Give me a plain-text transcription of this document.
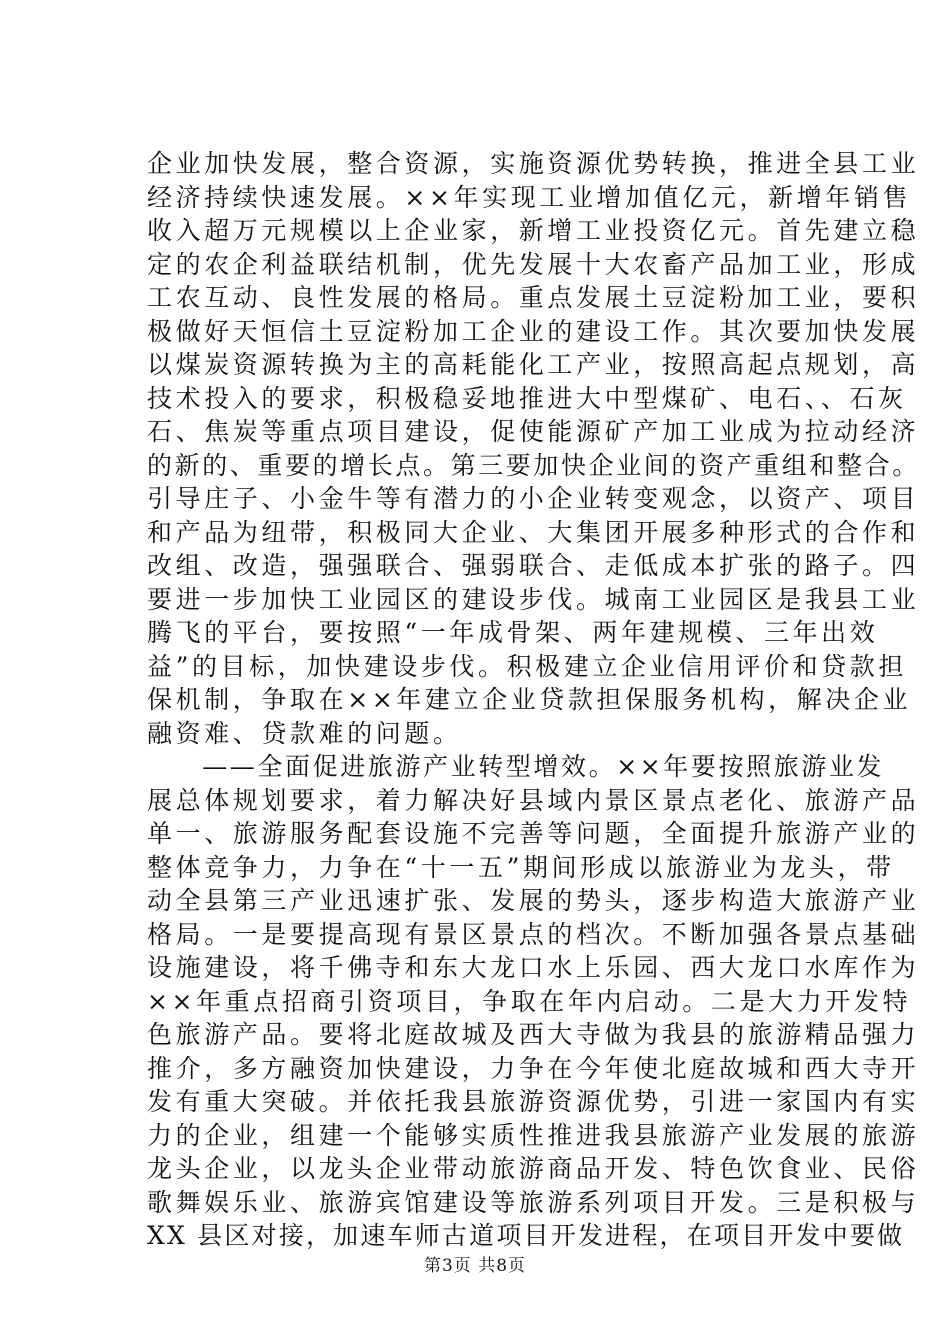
企业加快发展，整合资源，实施资源优势转换，推进全县工业
经济持续快速发展。××年实现工业增加值亿元，新增年销售
收入超万元规模以上企业家，新增工业投资亿元。首先建立稳
定的农企利益联结机制，优先发展十大农畜产品加工业，形成
工农互动、良性发展的格局。重点发展土豆淀粉加工业，要积
极做好天恒信土豆淀粉加工企业的建设工作。其次要加快发展
以煤炭资源转换为主的高耗能化工产业，按照高起点规划，高
技术投入的要求，积极稳妥地推进大中型煤矿、电石、、石灰
石、焦炭等重点项目建设，促使能源矿产加工业成为拉动经济
的新的、重要的增长点。第三要加快企业间的资产重组和整合。
引导庄子、小金牛等有潜力的小企业转变观念，以资产、项目
和产品为纽带，积极同大企业、大集团开展多种形式的合作和
改组、改造，强强联合、强弱联合、走低成本扩张的路子。四
要进一步加快工业园区的建设步伐。城南工业园区是我县工业
腾飞的平台，要按照“一年成骨架、两年建规模、三年出效
益”的目标，加快建设步伐。积极建立企业信用评价和贷款担
保机制，争取在××年建立企业贷款担保服务机构，解决企业
融资难、贷款难的问题。
　　——全面促进旅游产业转型增效。××年要按照旅游业发
展总体规划要求，着力解决好县域内景区景点老化、旅游产品
单一、旅游服务配套设施不完善等问题，全面提升旅游产业的
整体竞争力，力争在“十一五”期间形成以旅游业为龙头，带
动全县第三产业迅速扩张、发展的势头，逐步构造大旅游产业
格局。一是要提高现有景区景点的档次。不断加强各景点基础
设施建设，将千佛寺和东大龙口水上乐园、西大龙口水库作为
××年重点招商引资项目，争取在年内启动。二是大力开发特
色旅游产品。要将北庭故城及西大寺做为我县的旅游精品强力
推介，多方融资加快建设，力争在今年使北庭故城和西大寺开
发有重大突破。并依托我县旅游资源优势，引进一家国内有实
力的企业，组建一个能够实质性推进我县旅游产业发展的旅游
龙头企业，以龙头企业带动旅游商品开发、特色饮食业、民俗
歌舞娱乐业、旅游宾馆建设等旅游系列项目开发。三是积极与
XX 县区对接，加速车师古道项目开发进程，在项目开发中要做
第3页 共8页
